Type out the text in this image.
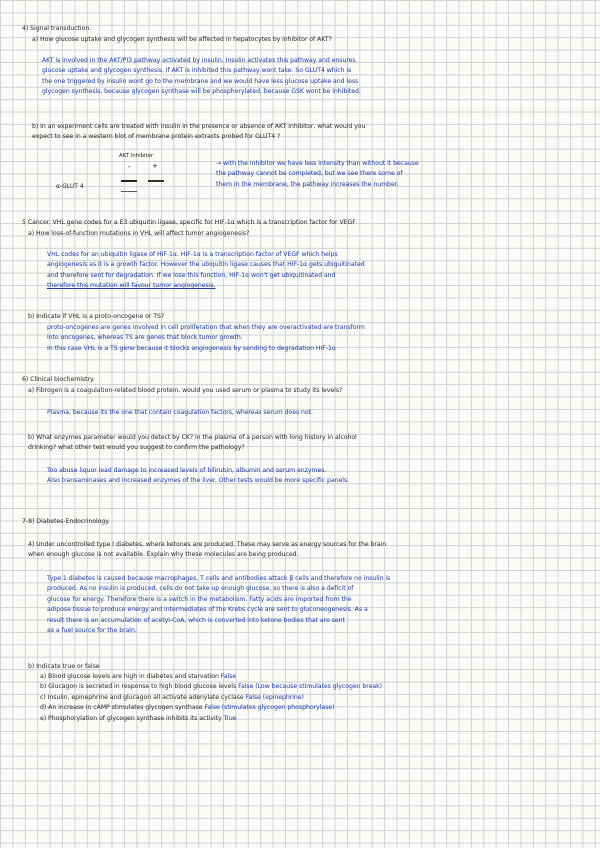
4) Signal transduction.
a) How glucose uptake and glycogen synthesis will be affected in hepatocytes by inhibitor of AKT?
AKT is involved in the AKT/PI3 pathway activated by insulin. Insulin activates this pathway and ensures
glucose uptake and glycogen synthesis. If AKT is inhibited this pathway wont take. So GLUT4 which is
the one triggered by insulin wont go to the membrane and we would have less glucose uptake and less
glycogen synthesis, because glycogen synthase will be phosphorylated, because GSK wont be inhibited.
b) In an experiment cells are treated with insulin in the presence or absence of AKT inhibitor, what would you
expect to see in a western blot of membrane protein extracts probed for GLUT4 ?
AKT inhibitor
-	+
α-GLUT 4
→ with the inhibitor we have less intensity than without it because
the pathway cannot be completed, but we see there some of
them in the membrane, the pathway increases the number.
5 Cancer. VHL gene codes for a E3 ubiquitin ligase, specific for HIF-1α which is a transcription factor for VEGF
a) How loss-of-function mutations in VHL will affect tumor angiogenesis?
VHL codes for an ubiquitin ligase of HIF-1α. HIF-1α is a transcription factor of VEGF which helps
angiogenesis as it is a growth factor. However the ubiquitin ligase causes that HIF-1α gets ubiquitinated
and therefore sent for degradation. If we lose this function, HIF-1α won't get ubiquitinated and
therefore this mutation will favour tumor angiogenesis.
b) Indicate if VHL is a proto-oncogene or TS?
proto-oncogenes are genes involved in cell proliferation that when they are overactivated are transform
into oncogenes, whereas TS are genes that block tumor growth.
In this case VHL is a TS gene because it blocks angiogenesis by sending to degradation HIF-1α
6) Clinical biochemistry.
a) Fibrogen is a coagulation-related blood protein, would you used serum or plasma to study its levels?
Plasma, because its the one that contain coagulation factors, whereas serum does not.
b) What enzymes parameter would you detect by CK? in the plasma of a person with long history in alcohol
drinking? what other test would you suggest to confirm the pathology?
Too abuse liquor lead damage to increased levels of bilirubin, albumin and serum enzymes.
Also transaminases and increased enzymes of the liver. Other tests would be more specific panels.
7-8) Diabetes-Endocrinology.
4) Under uncontrolled type I diabetes, where ketones are produced. These may serve as energy sources for the brain
when enough glucose is not available. Explain why these molecules are being produced.
Type 1 diabetes is caused because macrophages, T cells and antibodies attack β cells and therefore no insulin is
produced. As no insulin is produced, cells do not take up enough glucose, so there is also a deficit of
glucose for energy. Therefore there is a switch in the metabolism. Fatty acids are imported from the
adipose tissue to produce energy and intermediates of the Krebs cycle are sent to gluconeogenesis. As a
result there is an accumulation of acetyl-CoA, which is converted into ketone bodies that are sent
as a fuel source for the brain.
b) Indicate true or false
a) Blood glucose levels are high in diabetes and starvation False
b) Glucagon is secreted in response to high blood glucose levels False (Low because stimulates glycogen break)
c) Insulin, epinephrine and glucagon all activate adenylate cyclase False (epinephrine)
d) An increase in cAMP stimulates glycogen synthase False (stimulates glycogen phosphorylase)
e) Phosphorylation of glycogen synthase inhibits its activity True
